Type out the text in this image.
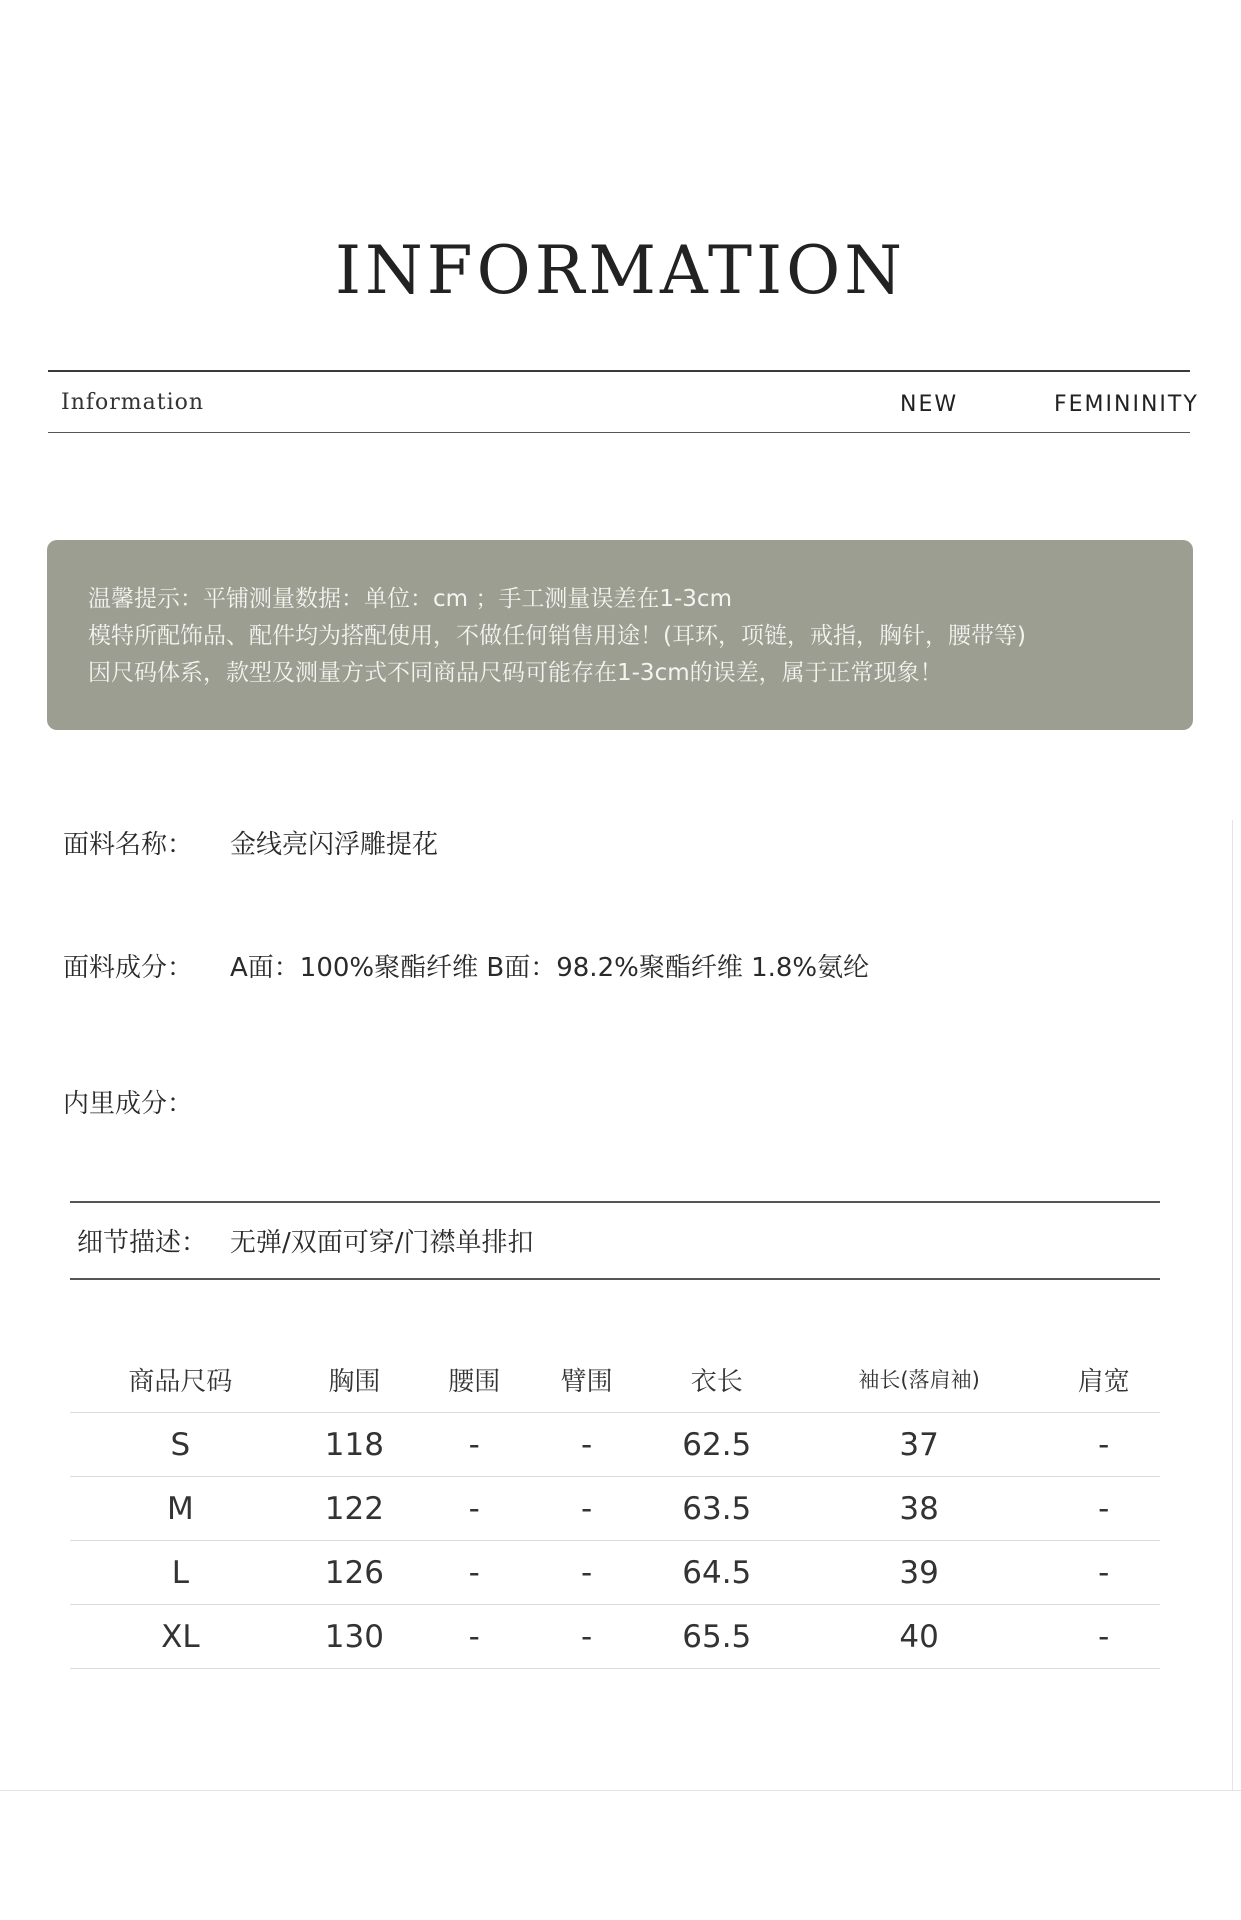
INFORMATION
Information	NEW	FEMININITY
温馨提示：平铺测量数据：单位：cm ；手工测量误差在1-3cm
模特所配饰品、配件均为搭配使用，不做任何销售用途！(耳环，项链，戒指，胸针，腰带等)
因尺码体系，款型及测量方式不同商品尺码可能存在1-3cm的误差，属于正常现象！
面料名称： 金线亮闪浮雕提花
面料成分： A面：100%聚酯纤维 B面：98.2%聚酯纤维 1.8%氨纶
内里成分：
细节描述： 无弹/双面可穿/门襟单排扣
商品尺码	胸围	腰围	臂围	衣长	袖长(落肩袖)	肩宽
S	118	-	-	62.5	37	-
M	122	-	-	63.5	38	-
L	126	-	-	64.5	39	-
XL	130	-	-	65.5	40	-
